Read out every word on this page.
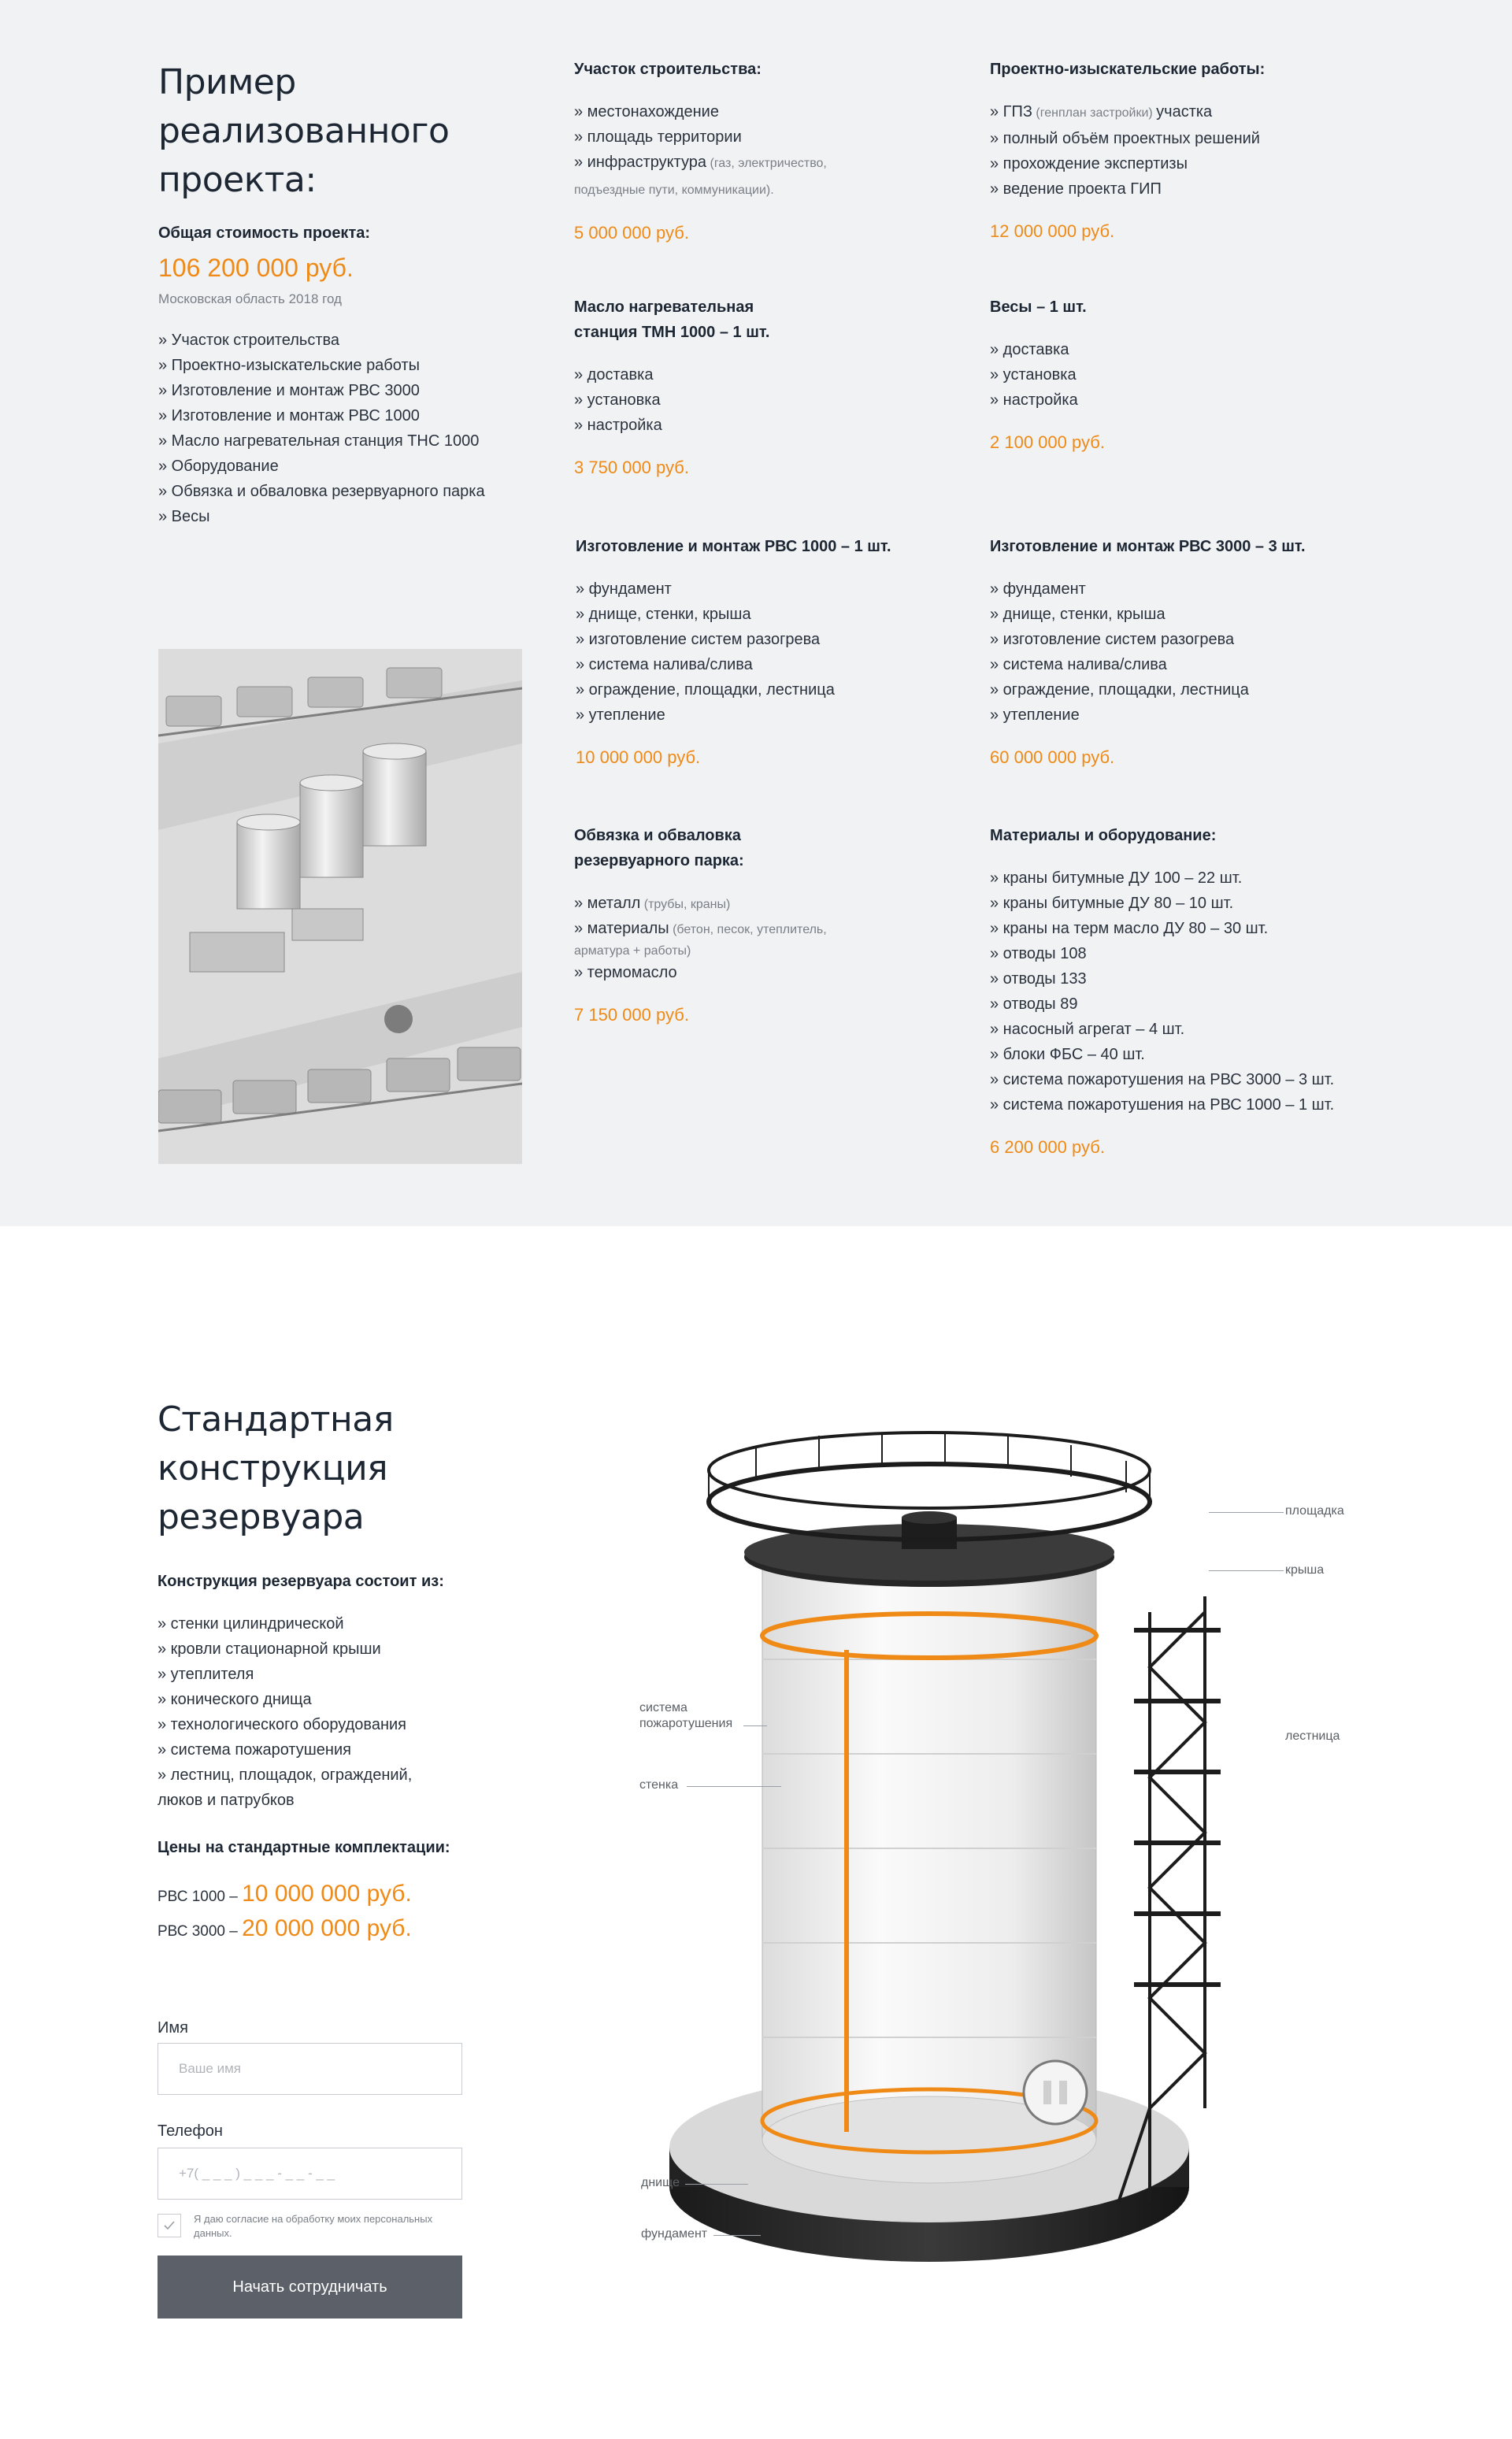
Пример
реализованного
проекта:
Общая стоимость проекта:
106 200 000 руб.
Московская область 2018 год
» Участок строительства
» Проектно-изыскательские работы
» Изготовление и монтаж РВС 3000
» Изготовление и монтаж РВС 1000
» Масло нагревательная станция ТНС 1000
» Оборудование
» Обвязка и обваловка резервуарного парка
» Весы
Участок строительства:
» местонахождение
» площадь территории
» инфраструктура (газ, электричество,
подъездные пути, коммуникации).
5 000 000 руб.
Масло нагревательная
станция ТМН 1000 – 1 шт.
» доставка
» установка
» настройка
3 750 000 руб.
Изготовление и монтаж РВС 1000 – 1 шт.
» фундамент
» днище, стенки, крыша
» изготовление систем разогрева
» система налива/слива
» ограждение, площадки, лестница
» утепление
10 000 000 руб.
Обвязка и обваловка
резервуарного парка:
» металл (трубы, краны)
» материалы (бетон, песок, утеплитель,
арматура + работы)
» термомасло
7 150 000 руб.
Проектно-изыскательские работы:
» ГПЗ (генплан застройки) участка
» полный объём проектных решений
» прохождение экспертизы
» ведение проекта ГИП
12 000 000 руб.
Весы – 1 шт.
» доставка
» установка
» настройка
2 100 000 руб.
Изготовление и монтаж РВС 3000 – 3 шт.
» фундамент
» днище, стенки, крыша
» изготовление систем разогрева
» система налива/слива
» ограждение, площадки, лестница
» утепление
60 000 000 руб.
Материалы и оборудование:
» краны битумные ДУ 100 – 22 шт.
» краны битумные ДУ 80 – 10 шт.
» краны на терм масло ДУ 80 – 30 шт.
» отводы 108
» отводы 133
» отводы 89
» насосный агрегат – 4 шт.
» блоки ФБС – 40 шт.
» система пожаротушения на РВС 3000 – 3 шт.
» система пожаротушения на РВС 1000 – 1 шт.
6 200 000 руб.
Стандартная
конструкция
резервуара
Конструкция резервуара состоит из:
» стенки цилиндрической
» кровли стационарной крыши
» утеплителя
» конического днища
» технологического оборудования
» система пожаротушения
» лестниц, площадок, ограждений,
люков и патрубков
Цены на стандартные комплектации:
РВС 1000 – 10 000 000 руб.
РВС 3000 – 20 000 000 руб.
Имя
Ваше имя
Телефон
+7( _ _ _ ) _ _ _ - _ _ - _ _
Я даю согласие на обработку моих персональных данных.
Начать сотрудничать
площадка
крыша
система
пожаротушения
стенка
лестница
днище
фундамент
